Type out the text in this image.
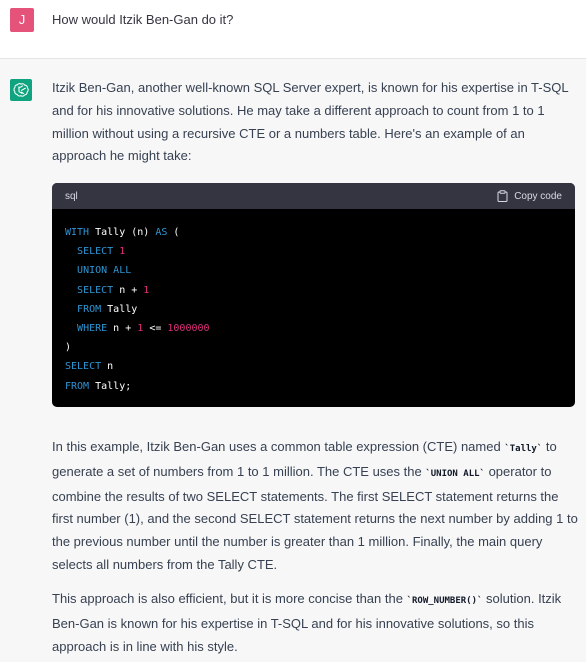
J	How would Itzik Ben-Gan do it?

Itzik Ben-Gan, another well-known SQL Server expert, is known for his expertise in T-SQL and for his innovative solutions. He may take a different approach to count from 1 to 1 million without using a recursive CTE or a numbers table. Here's an example of an approach he might take:

sql	Copy code
WITH Tally (n) AS (
SELECT 1
UNION ALL
SELECT n + 1
FROM Tally
WHERE n + 1 <= 1000000
)
SELECT n
FROM Tally;

In this example, Itzik Ben-Gan uses a common table expression (CTE) named `Tally` to generate a set of numbers from 1 to 1 million. The CTE uses the `UNION ALL` operator to combine the results of two SELECT statements. The first SELECT statement returns the first number (1), and the second SELECT statement returns the next number by adding 1 to the previous number until the number is greater than 1 million. Finally, the main query selects all numbers from the Tally CTE.

This approach is also efficient, but it is more concise than the `ROW_NUMBER()` solution. Itzik Ben-Gan is known for his expertise in T-SQL and for his innovative solutions, so this approach is in line with his style.
